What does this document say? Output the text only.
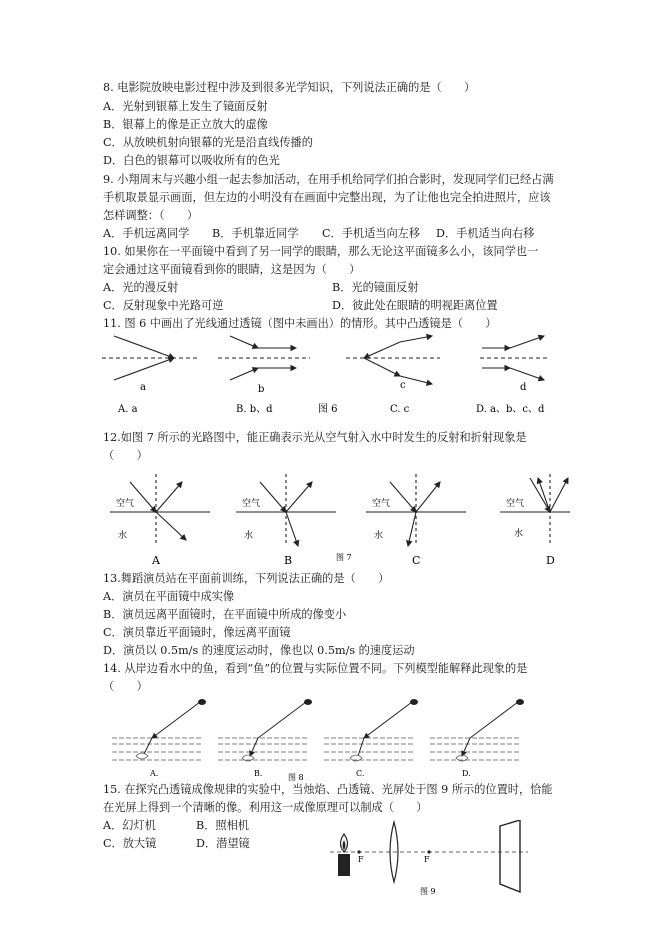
8. 电影院放映电影过程中涉及到很多光学知识，下列说法正确的是（　　）
A．光射到银幕上发生了镜面反射
B．银幕上的像是正立放大的虚像
C．从放映机射向银幕的光是沿直线传播的
D．白色的银幕可以吸收所有的色光
9. 小翔周末与兴趣小组一起去参加活动，在用手机给同学们拍合影时，发现同学们已经占满
手机取景显示画面，但左边的小明没有在画面中完整出现，为了让他也完全拍进照片，应该
怎样调整：（　　）
A．手机远离同学 B．手机靠近同学 C．手机适当向左移 D．手机适当向右移
10. 如果你在一平面镜中看到了另一同学的眼睛，那么无论这平面镜多么小，该同学也一
定会通过这平面镜看到你的眼睛，这是因为（　　）
A．光的漫反射	B．光的镜面反射
C．反射现象中光路可逆	D．彼此处在眼睛的明视距离位置
11. 图 6 中画出了光线通过透镜（图中未画出）的情形。其中凸透镜是（　　）
a	b	c	d
A. a	B. b、d	图 6	C. c	D. a、b、c、d
12.如图 7 所示的光路图中，能正确表示光从空气射入水中时发生的反射和折射现象是
（　　）
空气
水
空气
水
空气
水
空气
水
A	B	图 7	C	D
13.舞蹈演员站在平面前训练，下列说法正确的是（　　）
A．演员在平面镜中成实像
B．演员远离平面镜时，在平面镜中所成的像变小
C．演员靠近平面镜时，像远离平面镜
D．演员以 0.5m/s 的速度运动时，像也以 0.5m/s 的速度运动
14. 从岸边看水中的鱼，看到“鱼”的位置与实际位置不同。下列模型能解释此现象的是
（　　）
A.	B.	图 8	C.	D.
15. 在探究凸透镜成像规律的实验中，当烛焰、凸透镜、光屏处于图 9 所示的位置时，恰能
在光屏上得到一个清晰的像。利用这一成像原理可以制成（　　）
A．幻灯机	B．照相机
C．放大镜	D．潜望镜
F	F
图 9
